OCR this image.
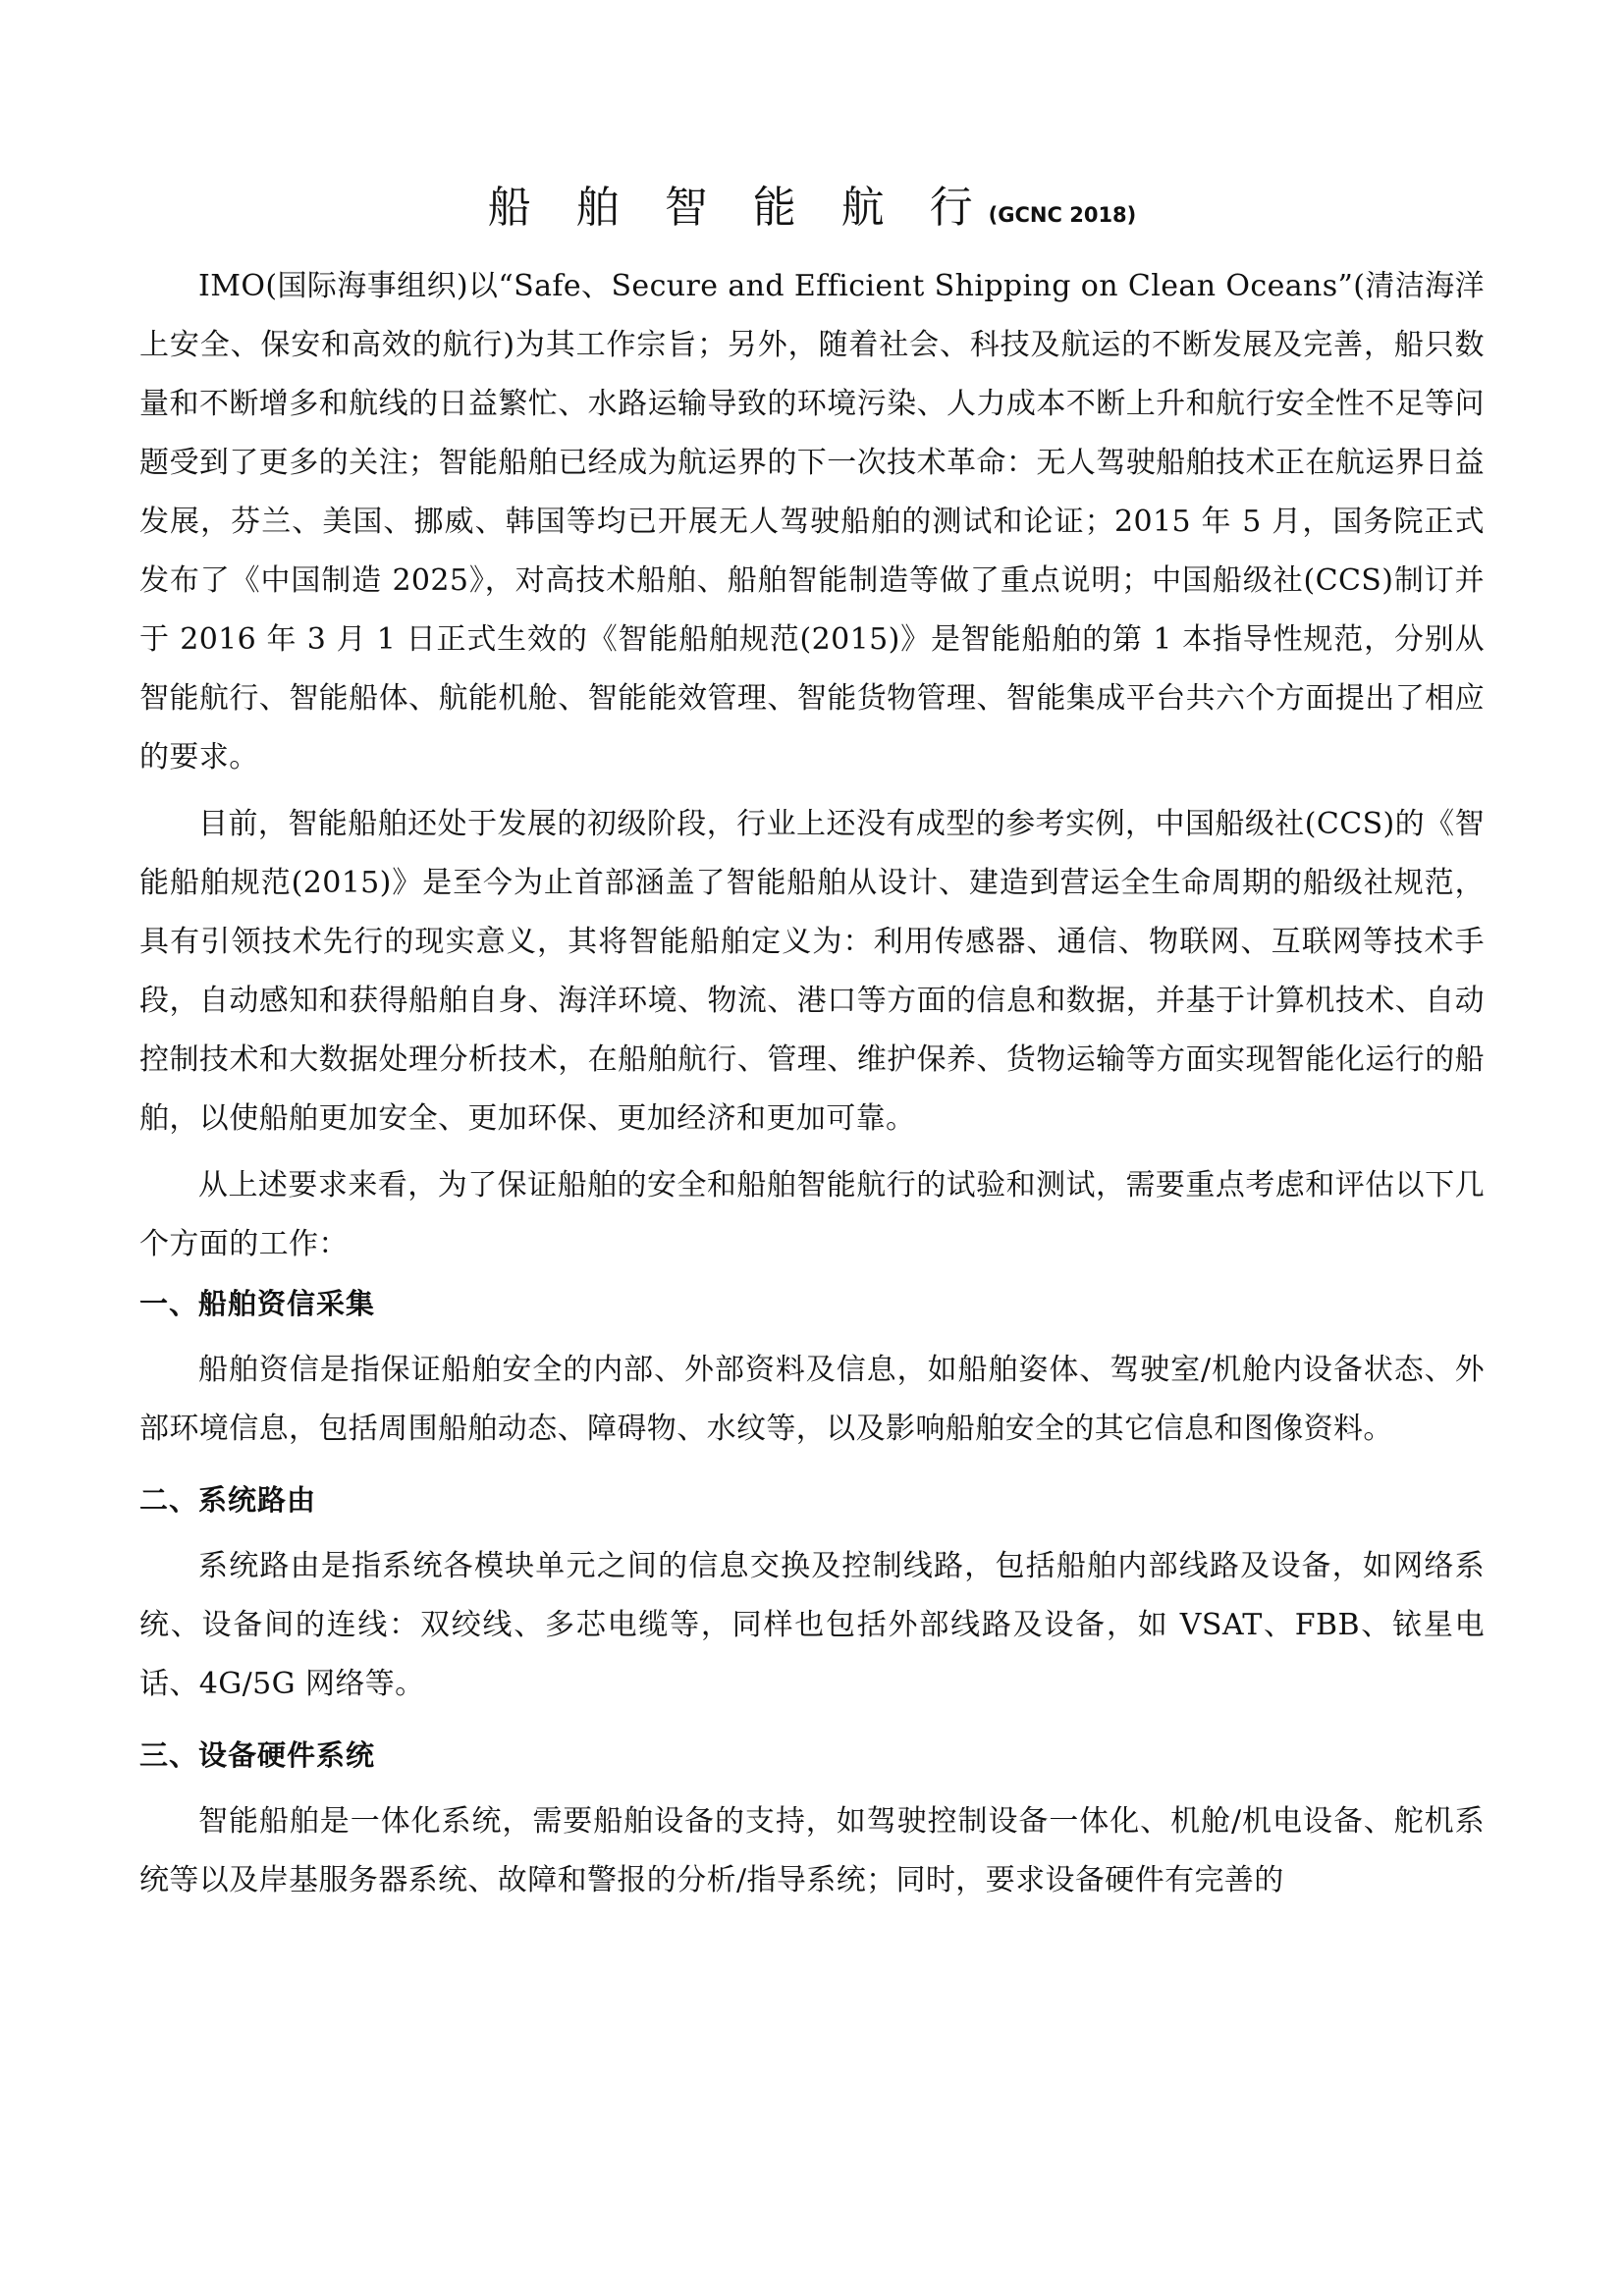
船 舶 智 能 航 行(GCNC 2018)

IMO(国际海事组织)以“Safe、Secure and Efficient Shipping on Clean Oceans”(清洁海洋上安全、保安和高效的航行)为其工作宗旨；另外，随着社会、科技及航运的不断发展及完善，船只数量和不断增多和航线的日益繁忙、水路运输导致的环境污染、人力成本不断上升和航行安全性不足等问题受到了更多的关注；智能船舶已经成为航运界的下一次技术革命：无人驾驶船舶技术正在航运界日益发展，芬兰、美国、挪威、韩国等均已开展无人驾驶船舶的测试和论证；2015 年 5 月，国务院正式发布了《中国制造 2025》，对高技术船舶、船舶智能制造等做了重点说明；中国船级社(CCS)制订并于 2016 年 3 月 1 日正式生效的《智能船舶规范(2015)》是智能船舶的第 1 本指导性规范，分别从智能航行、智能船体、航能机舱、智能能效管理、智能货物管理、智能集成平台共六个方面提出了相应的要求。

目前，智能船舶还处于发展的初级阶段，行业上还没有成型的参考实例，中国船级社(CCS)的《智能船舶规范(2015)》是至今为止首部涵盖了智能船舶从设计、建造到营运全生命周期的船级社规范，具有引领技术先行的现实意义，其将智能船舶定义为：利用传感器、通信、物联网、互联网等技术手段，自动感知和获得船舶自身、海洋环境、物流、港口等方面的信息和数据，并基于计算机技术、自动控制技术和大数据处理分析技术，在船舶航行、管理、维护保养、货物运输等方面实现智能化运行的船舶，以使船舶更加安全、更加环保、更加经济和更加可靠。

从上述要求来看，为了保证船舶的安全和船舶智能航行的试验和测试，需要重点考虑和评估以下几个方面的工作：

一、船舶资信采集

船舶资信是指保证船舶安全的内部、外部资料及信息，如船舶姿体、驾驶室/机舱内设备状态、外部环境信息，包括周围船舶动态、障碍物、水纹等，以及影响船舶安全的其它信息和图像资料。

二、系统路由

系统路由是指系统各模块单元之间的信息交换及控制线路，包括船舶内部线路及设备，如网络系统、设备间的连线：双绞线、多芯电缆等，同样也包括外部线路及设备，如 VSAT、FBB、铱星电话、4G/5G 网络等。

三、设备硬件系统

智能船舶是一体化系统，需要船舶设备的支持，如驾驶控制设备一体化、机舱/机电设备、舵机系统等以及岸基服务器系统、故障和警报的分析/指导系统；同时，要求设备硬件有完善的
